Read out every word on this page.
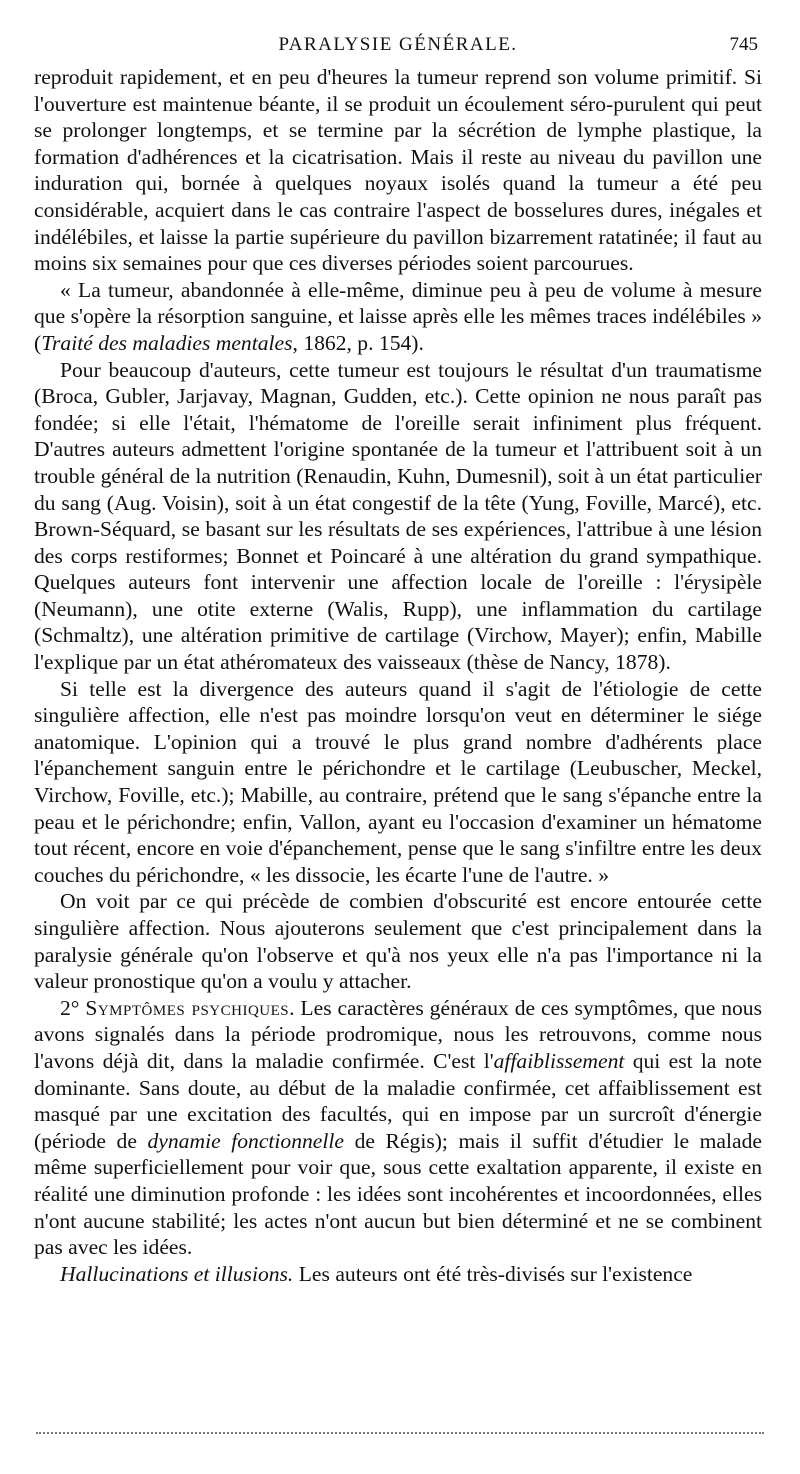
PARALYSIE GÉNÉRALE.	745

reproduit rapidement, et en peu d'heures la tumeur reprend son volume primitif. Si l'ouverture est maintenue béante, il se produit un écoulement séro-purulent qui peut se prolonger longtemps, et se termine par la sécrétion de lymphe plastique, la formation d'adhérences et la cicatrisation. Mais il reste au niveau du pavillon une induration qui, bornée à quelques noyaux isolés quand la tumeur a été peu considérable, acquiert dans le cas contraire l'aspect de bosselures dures, inégales et indélébiles, et laisse la partie supérieure du pavillon bizarrement ratatinée; il faut au moins six semaines pour que ces diverses périodes soient parcourues.

« La tumeur, abandonnée à elle-même, diminue peu à peu de volume à mesure que s'opère la résorption sanguine, et laisse après elle les mêmes traces indélébiles » (Traité des maladies mentales, 1862, p. 154).

Pour beaucoup d'auteurs, cette tumeur est toujours le résultat d'un traumatisme (Broca, Gubler, Jarjavay, Magnan, Gudden, etc.). Cette opinion ne nous paraît pas fondée; si elle l'était, l'hématome de l'oreille serait infiniment plus fréquent. D'autres auteurs admettent l'origine spontanée de la tumeur et l'attribuent soit à un trouble général de la nutrition (Renaudin, Kuhn, Dumesnil), soit à un état particulier du sang (Aug. Voisin), soit à un état congestif de la tête (Yung, Foville, Marcé), etc. Brown-Séquard, se basant sur les résultats de ses expériences, l'attribue à une lésion des corps restiformes; Bonnet et Poincaré à une altération du grand sympathique. Quelques auteurs font intervenir une affection locale de l'oreille : l'érysipèle (Neumann), une otite externe (Walis, Rupp), une inflammation du cartilage (Schmaltz), une altération primitive de cartilage (Virchow, Mayer); enfin, Mabille l'explique par un état athéromateux des vaisseaux (thèse de Nancy, 1878).

Si telle est la divergence des auteurs quand il s'agit de l'étiologie de cette singulière affection, elle n'est pas moindre lorsqu'on veut en déterminer le siége anatomique. L'opinion qui a trouvé le plus grand nombre d'adhérents place l'épanchement sanguin entre le périchondre et le cartilage (Leubuscher, Meckel, Virchow, Foville, etc.); Mabille, au contraire, prétend que le sang s'épanche entre la peau et le périchondre; enfin, Vallon, ayant eu l'occasion d'examiner un hématome tout récent, encore en voie d'épanchement, pense que le sang s'infiltre entre les deux couches du périchondre, « les dissocie, les écarte l'une de l'autre. »

On voit par ce qui précède de combien d'obscurité est encore entourée cette singulière affection. Nous ajouterons seulement que c'est principalement dans la paralysie générale qu'on l'observe et qu'à nos yeux elle n'a pas l'importance ni la valeur pronostique qu'on a voulu y attacher.

2° Symptômes psychiques. Les caractères généraux de ces symptômes, que nous avons signalés dans la période prodromique, nous les retrouvons, comme nous l'avons déjà dit, dans la maladie confirmée. C'est l'affaiblissement qui est la note dominante. Sans doute, au début de la maladie confirmée, cet affaiblissement est masqué par une excitation des facultés, qui en impose par un surcroît d'énergie (période de dynamie fonctionnelle de Régis); mais il suffit d'étudier le malade même superficiellement pour voir que, sous cette exaltation apparente, il existe en réalité une diminution profonde : les idées sont incohérentes et incoordonnées, elles n'ont aucune stabilité; les actes n'ont aucun but bien déterminé et ne se combinent pas avec les idées.

Hallucinations et illusions. Les auteurs ont été très-divisés sur l'existence
